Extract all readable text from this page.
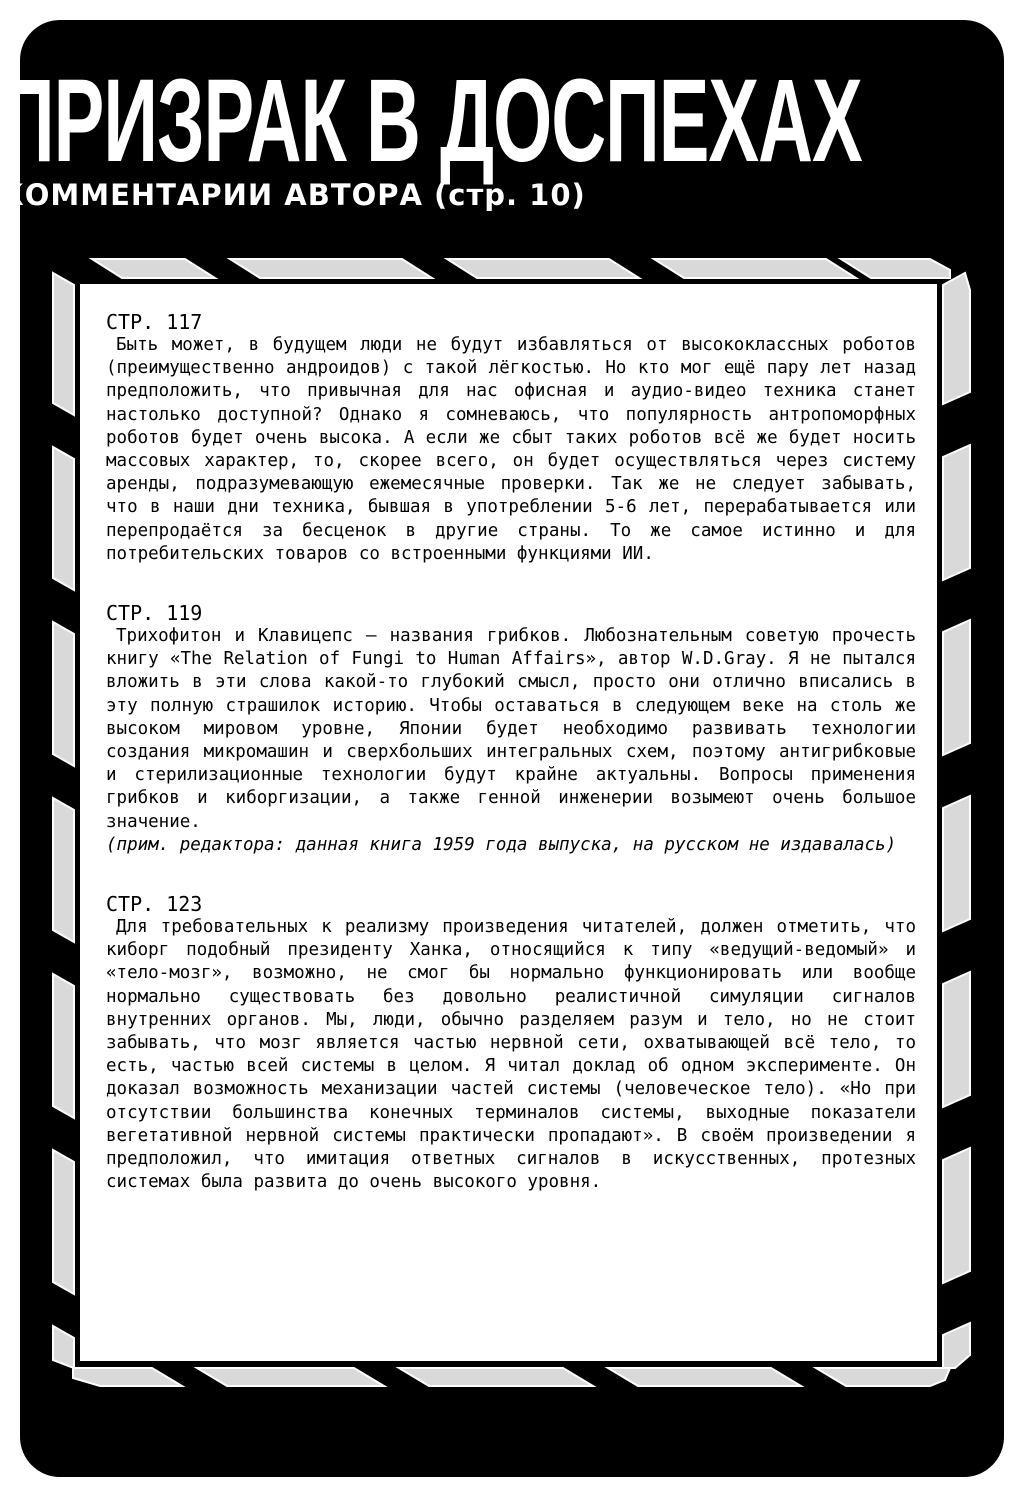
ПРИЗРАК В ДОСПЕХАХ
КОММЕНТАРИИ АВТОРА (стр. 10)

СТР. 117

Быть может, в будущем люди не будут избавляться от высококлассных роботов (преимущественно андроидов) с такой лёгкостью. Но кто мог ещё пару лет назад предположить, что привычная для нас офисная и аудио-видео техника станет настолько доступной? Однако я сомневаюсь, что популярность антропоморфных роботов будет очень высока. А если же сбыт таких роботов всё же будет носить массовых характер, то, скорее всего, он будет осуществляться через систему аренды, подразумевающую ежемесячные проверки. Так же не следует забывать, что в наши дни техника, бывшая в употреблении 5-6 лет, перерабатывается или перепродаётся за бесценок в другие страны. То же самое истинно и для потребительских товаров со встроенными функциями ИИ.

СТР. 119

Трихофитон и Клавицепс – названия грибков. Любознательным советую прочесть книгу «The Relation of Fungi to Human Affairs», автор W.D.Gray. Я не пытался вложить в эти слова какой-то глубокий смысл, просто они отлично вписались в эту полную страшилок историю. Чтобы оставаться в следующем веке на столь же высоком мировом уровне, Японии будет необходимо развивать технологии создания микромашин и сверхбольших интегральных схем, поэтому антигрибковые и стерилизационные технологии будут крайне актуальны. Вопросы применения грибков и киборгизации, а также генной инженерии возымеют очень большое значение.

(прим. редактора: данная книга 1959 года выпуска, на русском не издавалась)

СТР. 123

Для требовательных к реализму произведения читателей, должен отметить, что киборг подобный президенту Ханка, относящийся к типу «ведущий-ведомый» и «тело-мозг», возможно, не смог бы нормально функционировать или вообще нормально существовать без довольно реалистичной симуляции сигналов внутренних органов. Мы, люди, обычно разделяем разум и тело, но не стоит забывать, что мозг является частью нервной сети, охватывающей всё тело, то есть, частью всей системы в целом. Я читал доклад об одном эксперименте. Он доказал возможность механизации частей системы (человеческое тело). «Но при отсутствии большинства конечных терминалов системы, выходные показатели вегетативной нервной системы практически пропадают». В своём произведении я предположил, что имитация ответных сигналов в искусственных, протезных системах была развита до очень высокого уровня.
